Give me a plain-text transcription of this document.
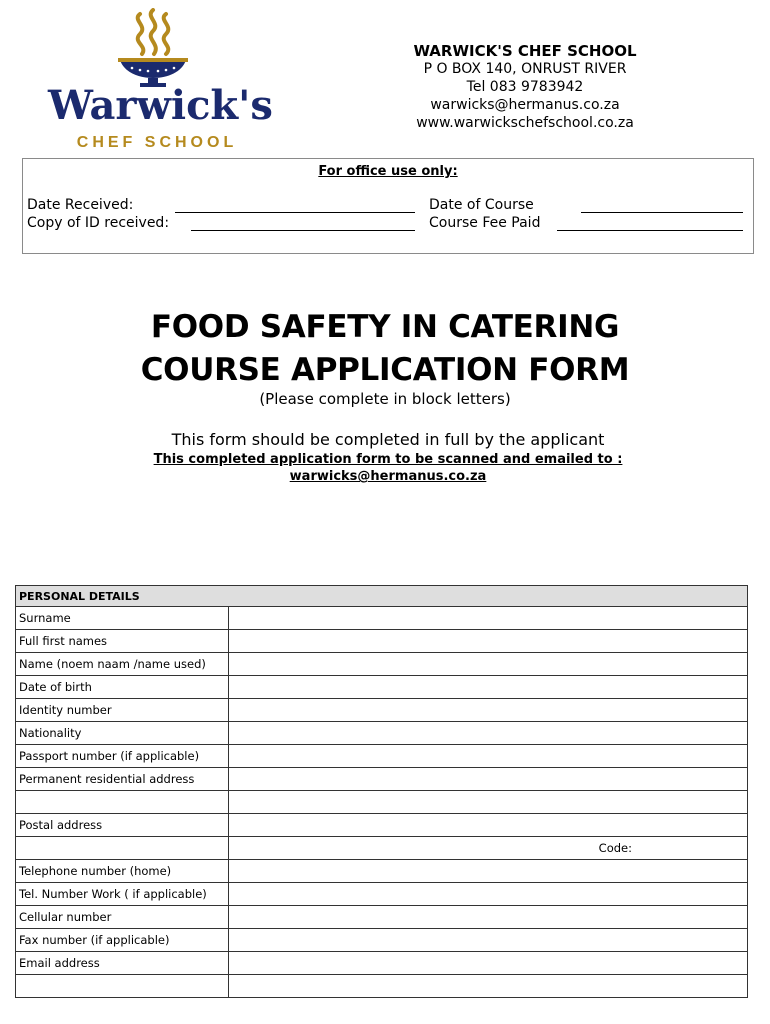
Warwick's
CHEF SCHOOL
WARWICK'S CHEF SCHOOL
P O BOX 140, ONRUST RIVER
Tel 083 9783942
warwicks@hermanus.co.za
www.warwickschefschool.co.za
For office use only:
Date Received:
Copy of ID received:
Date of Course
Course Fee Paid
FOOD SAFETY IN CATERING
COURSE APPLICATION FORM
(Please complete in block letters)
This form should be completed in full by the applicant
This completed application form to be scanned and emailed to :
warwicks@hermanus.co.za
PERSONAL DETAILS	
Surname	
Full first names	
Name (noem naam /name used)	
Date of birth	
Identity number	
Nationality	
Passport number (if applicable)	
Permanent residential address	

Postal address	
	Code:
Telephone number (home)	
Tel. Number Work ( if applicable)	
Cellular number	
Fax number (if applicable)	
Email address	
